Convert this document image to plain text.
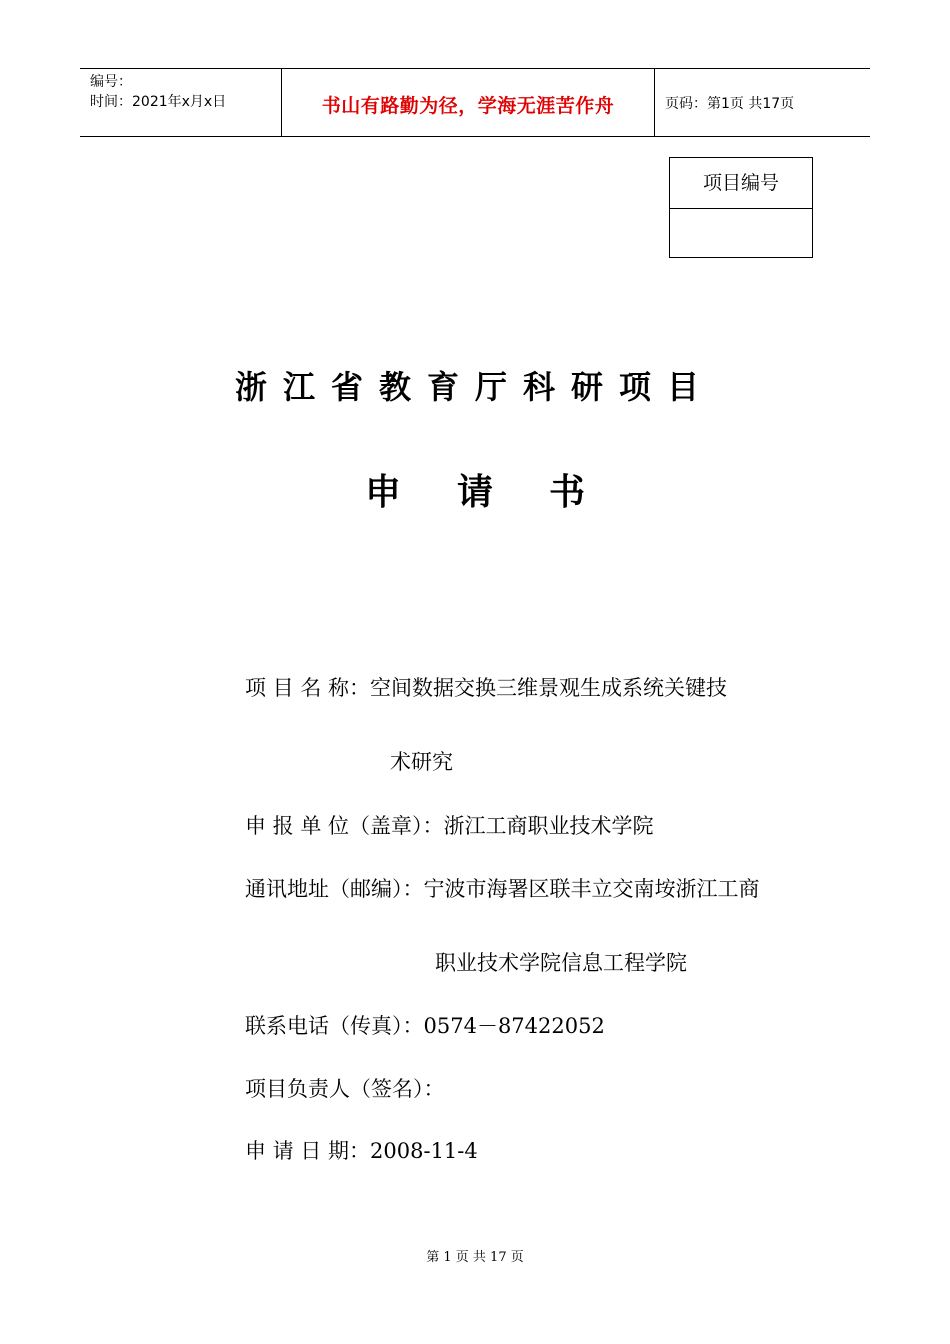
编号：
时间：2021年x月x日	书山有路勤为径，学海无涯苦作舟	页码：第1页 共17页
项目编号
浙江省教育厅科研项目
申请书
项 目 名 称：空间数据交换三维景观生成系统关键技
术研究
申 报 单 位（盖章）：浙江工商职业技术学院
通讯地址（邮编）：宁波市海署区联丰立交南垵浙江工商
职业技术学院信息工程学院
联系电话（传真）：0574－87422052
项目负责人（签名）：
申 请 日 期：2008-11-4
第 1 页 共 17 页
